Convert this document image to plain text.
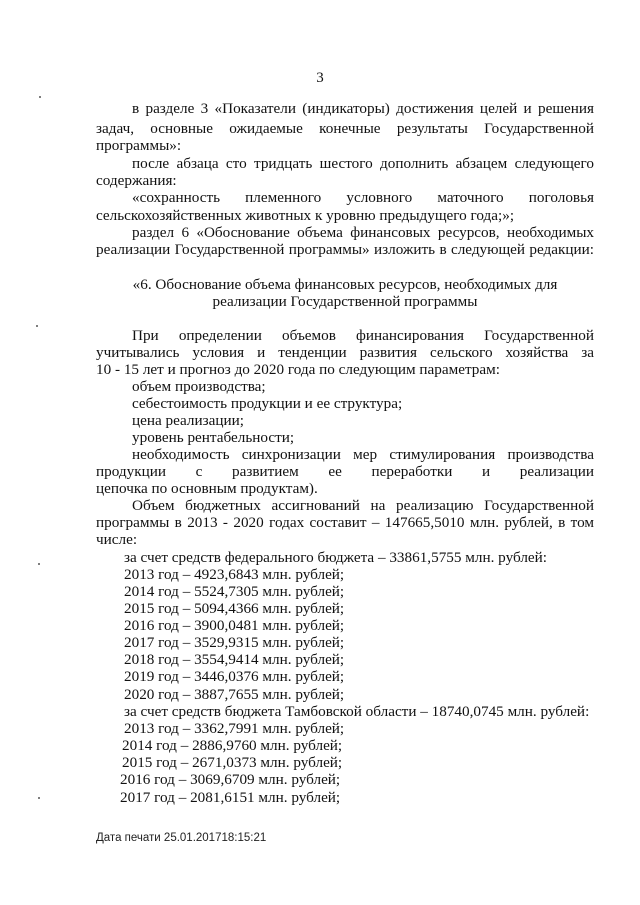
3
в разделе 3 «Показатели (индикаторы) достижения целей и решения
задач, основные ожидаемые конечные результаты Государственной
программы»:
после абзаца сто тридцать шестого дополнить абзацем следующего
содержания:
«сохранность племенного условного маточного поголовья
сельскохозяйственных животных к уровню предыдущего года;»;
раздел 6 «Обоснование объема финансовых ресурсов, необходимых
реализации Государственной программы» изложить в следующей редакции:
«6. Обоснование объема финансовых ресурсов, необходимых для
реализации Государственной программы
При определении объемов финансирования Государственной
учитывались условия и тенденции развития сельского хозяйства за
10 - 15 лет и прогноз до 2020 года по следующим параметрам:
объем производства;
себестоимость продукции и ее структура;
цена реализации;
уровень рентабельности;
необходимость синхронизации мер стимулирования производства
продукции с развитием ее переработки и реализации
цепочка по основным продуктам).
Объем бюджетных ассигнований на реализацию Государственной
программы в 2013 - 2020 годах составит – 147665,5010 млн. рублей, в том
числе:
за счет средств федерального бюджета – 33861,5755 млн. рублей:
2013 год – 4923,6843 млн. рублей;
2014 год – 5524,7305 млн. рублей;
2015 год – 5094,4366 млн. рублей;
2016 год – 3900,0481 млн. рублей;
2017 год – 3529,9315 млн. рублей;
2018 год – 3554,9414 млн. рублей;
2019 год – 3446,0376 млн. рублей;
2020 год – 3887,7655 млн. рублей;
за счет средств бюджета Тамбовской области – 18740,0745 млн. рублей:
2013 год – 3362,7991 млн. рублей;
2014 год – 2886,9760 млн. рублей;
2015 год – 2671,0373 млн. рублей;
2016 год – 3069,6709 млн. рублей;
2017 год – 2081,6151 млн. рублей;
Дата печати 25.01.201718:15:21
